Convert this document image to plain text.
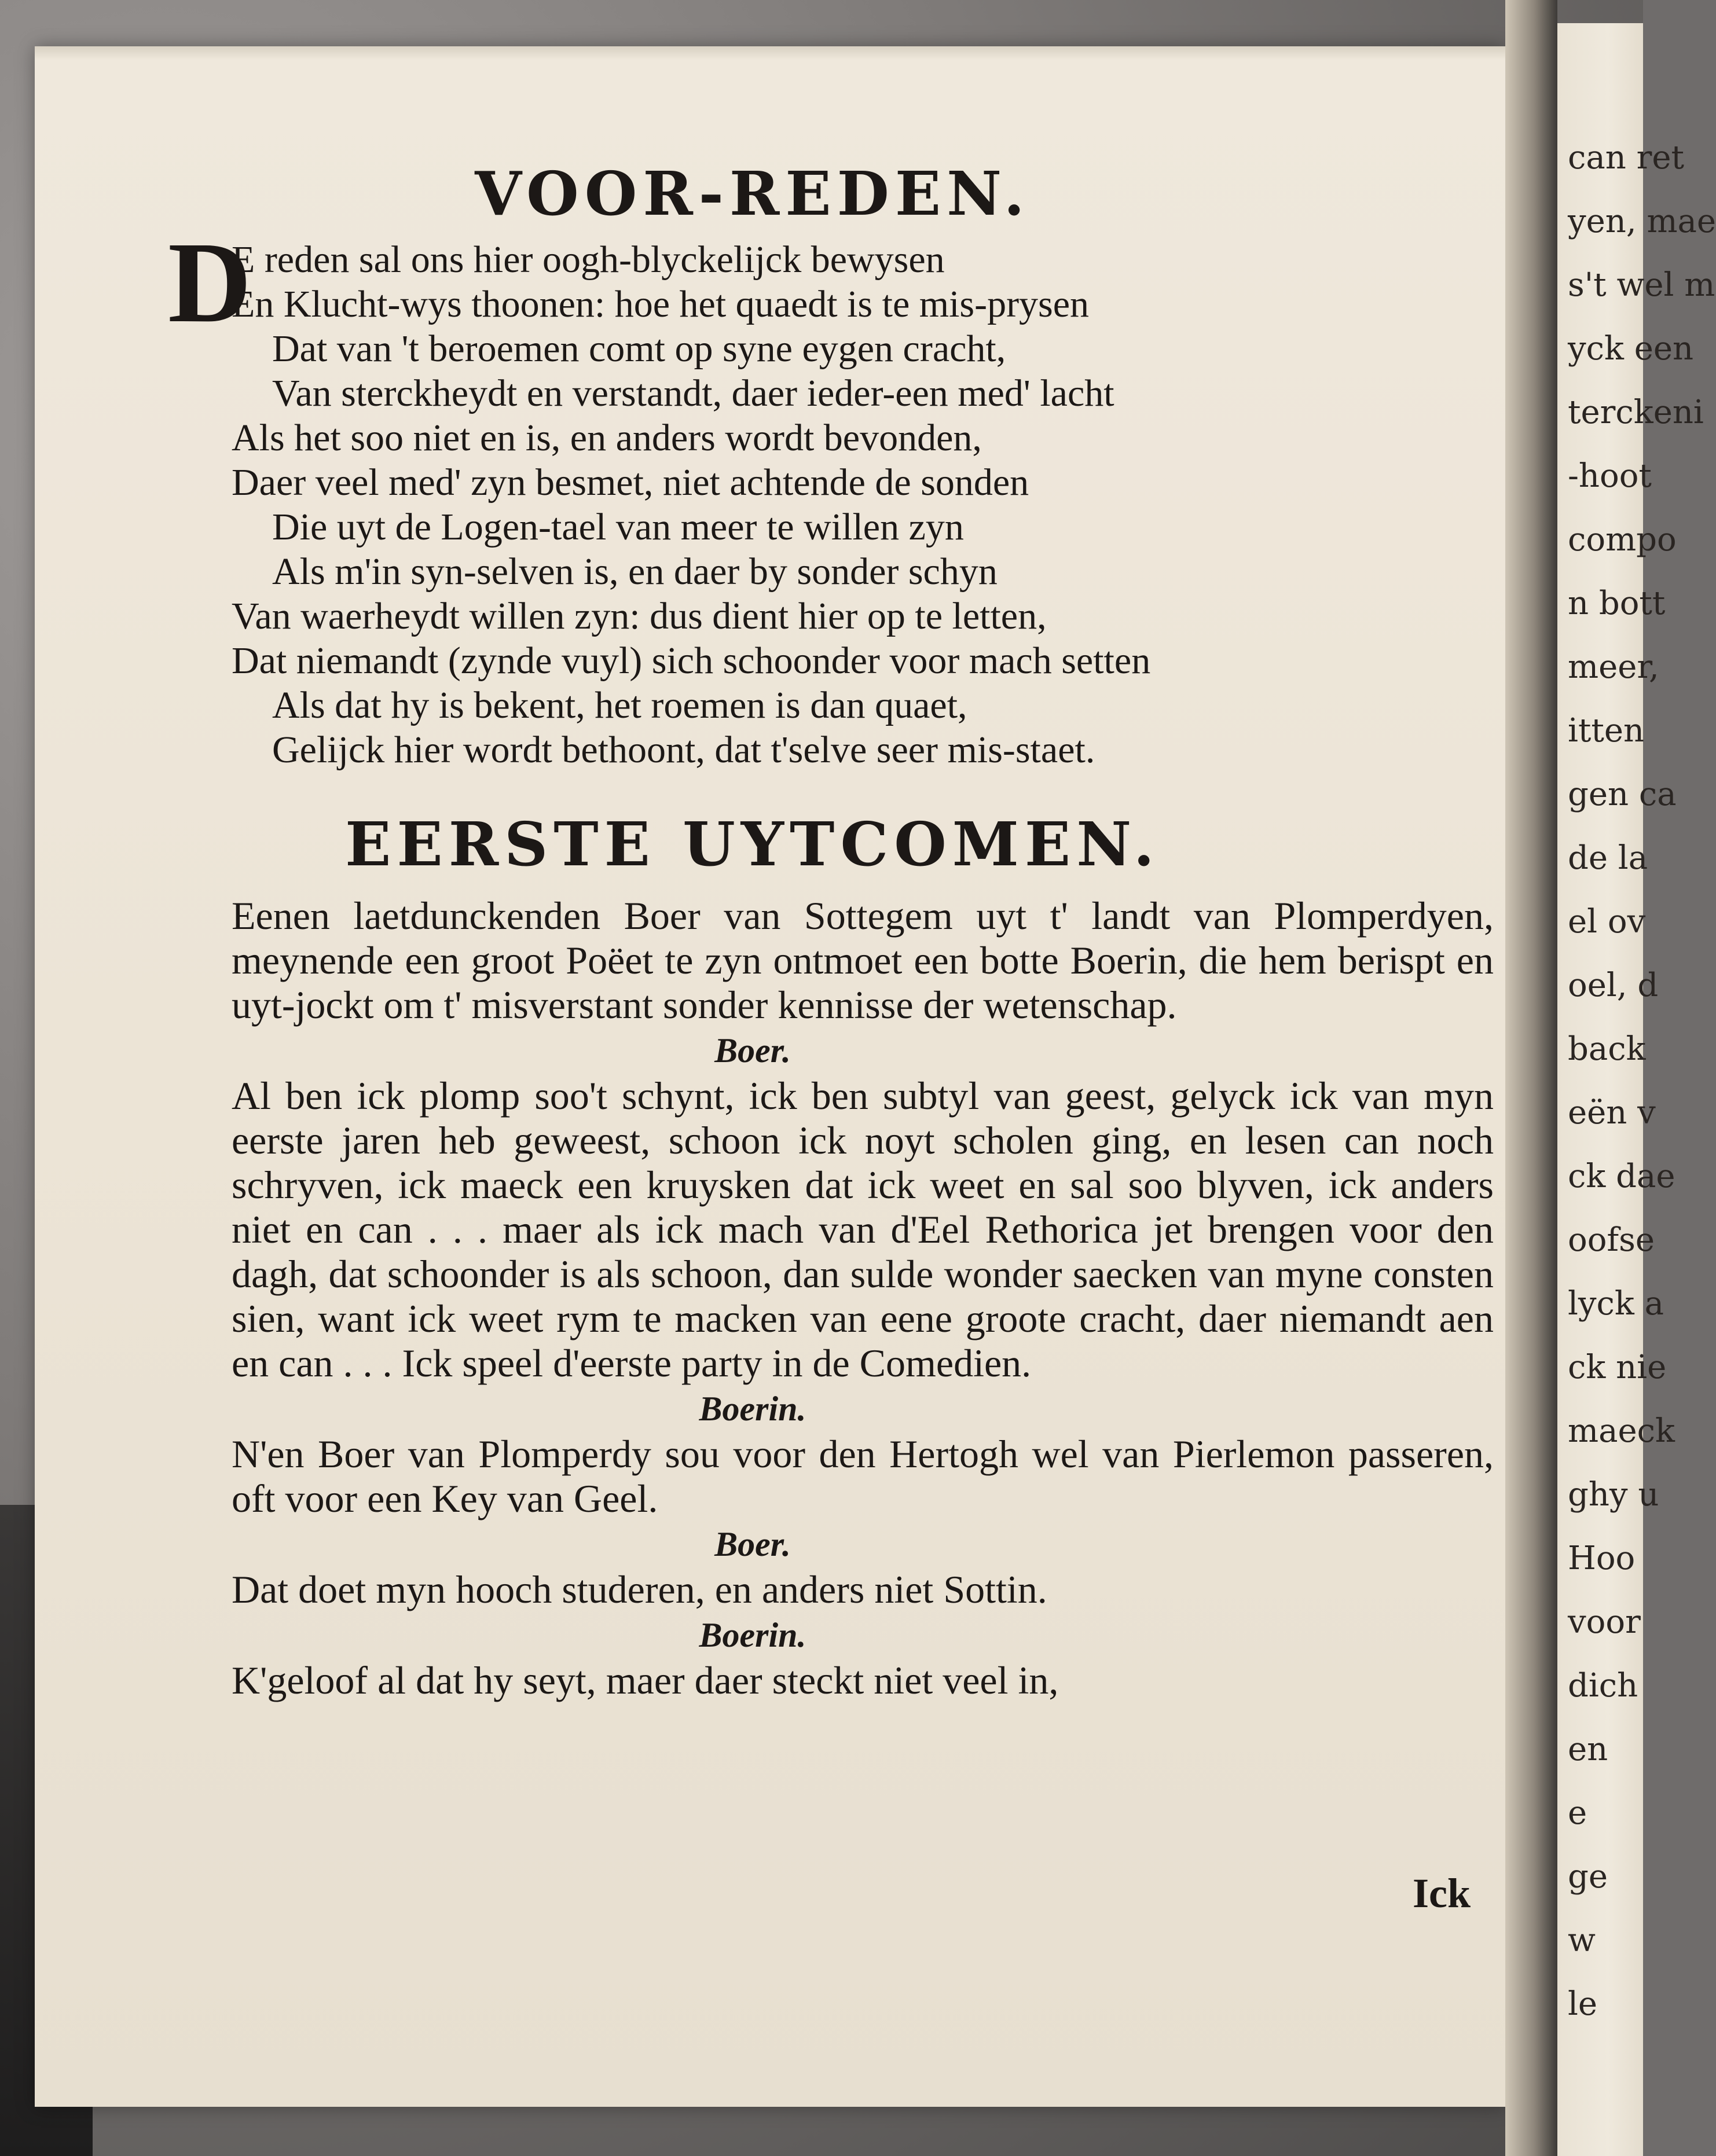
can ret
yen, mae
s't wel m
yck een
terckeni
-hoot
compo
n bott
meer,
itten
gen ca
de la
el ov
oel, d
back
eën v
ck dae
oofse
lyck a
ck nie
maeck
ghy u
Hoo
voor
dich
en
e
ge
w
le
VOOR-REDEN.
D
E reden sal ons hier oogh-blyckelijck bewysen
En Klucht-wys thoonen: hoe het quaedt is te mis-prysen
Dat van 't beroemen comt op syne eygen cracht,
Van sterckheydt en verstandt, daer ieder-een med' lacht
Als het soo niet en is, en anders wordt bevonden,
Daer veel med' zyn besmet, niet achtende de sonden
Die uyt de Logen-tael van meer te willen zyn
Als m'in syn-selven is, en daer by sonder schyn
Van waerheydt willen zyn: dus dient hier op te letten,
Dat niemandt (zynde vuyl) sich schoonder voor mach setten
Als dat hy is bekent, het roemen is dan quaet,
Gelijck hier wordt bethoont, dat t'selve seer mis-staet.
EERSTE UYTCOMEN.

Eenen laetdunckenden Boer van Sottegem uyt t' landt van Plomperdyen, meynende een groot Poëet te zyn ontmoet een botte Boerin, die hem berispt en uyt-jockt om t' misverstant sonder kennisse der wetenschap.

Boer.

Al ben ick plomp soo't schynt, ick ben subtyl van geest, gelyck ick van myn eerste jaren heb geweest, schoon ick noyt scholen ging, en lesen can noch schryven, ick maeck een kruysken dat ick weet en sal soo blyven, ick anders niet en can . . . maer als ick mach van d'Eel Rethorica jet brengen voor den dagh, dat schoonder is als schoon, dan sulde wonder saecken van myne consten sien, want ick weet rym te macken van eene groote cracht, daer niemandt aen en can . . . Ick speel d'eerste party in de Comedien.

Boerin.

N'en Boer van Plomperdy sou voor den Hertogh wel van Pierlemon passeren, oft voor een Key van Geel.

Boer.

Dat doet myn hooch studeren, en anders niet Sottin.

Boerin.

K'geloof al dat hy seyt, maer daer steckt niet veel in,

Ick
